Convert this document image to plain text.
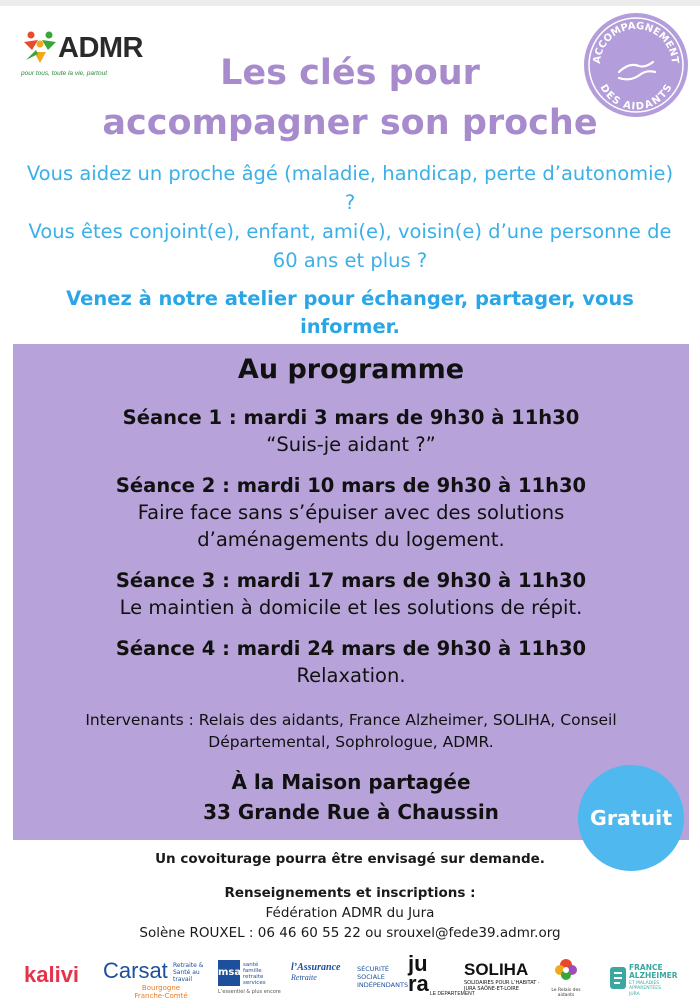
ADMR
pour tous, toute la vie, partout
ACCOMPAGNEMENT
DES AIDANTS
Les clés pour
accompagner son proche

Vous aidez un proche âgé (maladie, handicap, perte d’autonomie) ?

Vous êtes conjoint(e), enfant, ami(e), voisin(e) d’une personne de 60 ans et plus ?

Venez à notre atelier pour échanger, partager, vous informer.

Au programme
Séance 1 : mardi 3 mars de 9h30 à 11h30
“Suis-je aidant ?”
Séance 2 : mardi 10 mars de 9h30 à 11h30
Faire face sans s’épuiser avec des solutions d’aménagements du logement.
Séance 3 : mardi 17 mars de 9h30 à 11h30
Le maintien à domicile et les solutions de répit.
Séance 4 : mardi 24 mars de 9h30 à 11h30
Relaxation.
Intervenants : Relais des aidants, France Alzheimer, SOLIHA, Conseil Départemental, Sophrologue, ADMR.
À la Maison partagée
33 Grande Rue à Chaussin	Gratuit
Un covoiturage pourra être envisagé sur demande.
Renseignements et inscriptions :
Fédération ADMR du Jura
Solène ROUXEL : 06 46 60 55 22 ou srouxel@fede39.admr.org
kalivi Carsat Retraite & Santé au travail
Bourgogne Franche-Comté
msa
santé famille retraite services
L’essentiel & plus encore
l’Assurance
Retraite
SÉCURITÉ SOCIALE INDÉPENDANTS
ju ra LE DÉPARTEMENT
SOLIHA
SOLIDAIRES POUR L’HABITAT · JURA SAÔNE-ET-LOIRE	Le Relais des aidants
FRANCE ALZHEIMER
ET MALADIES APPARENTÉES
JURA
